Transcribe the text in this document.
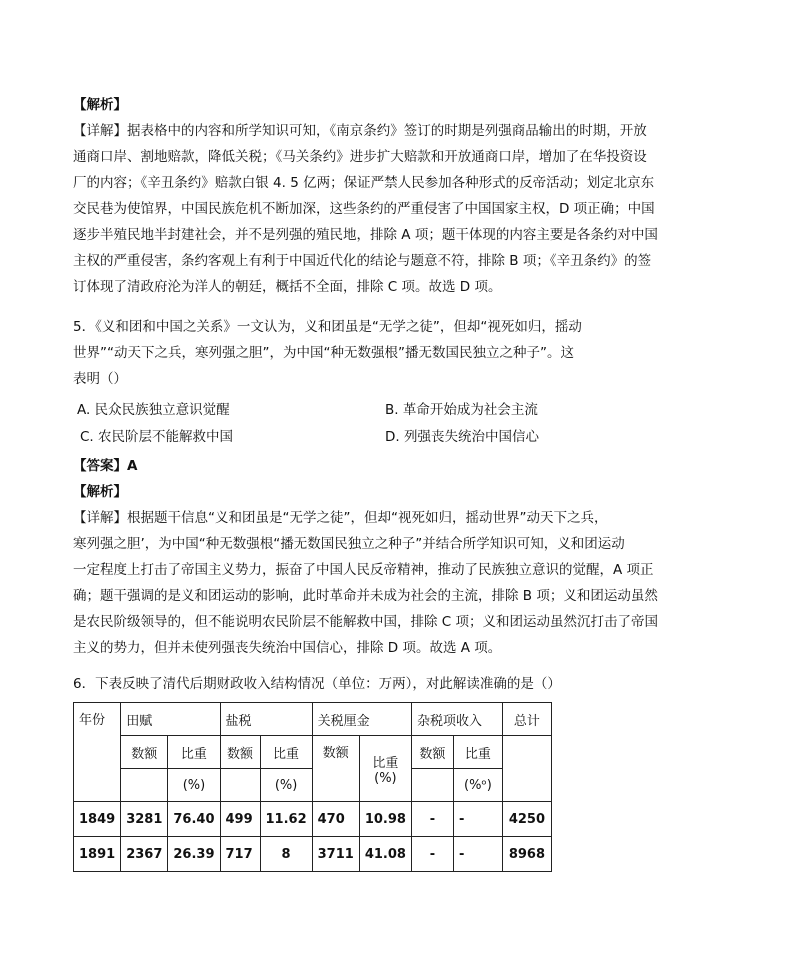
【解析】
【详解】据表格中的内容和所学知识可知，《南京条约》签订的时期是列强商品输出的时期，开放
通商口岸、割地赔款，降低关税；《马关条约》进步扩大赔款和开放通商口岸，增加了在华投资设
厂的内容；《辛丑条约》赔款白银 4. 5 亿两；保证严禁人民参加各种形式的反帝活动；划定北京东
交民巷为使馆界，中国民族危机不断加深，这些条约的严重侵害了中国国家主权，D 项正确；中国
逐步半殖民地半封建社会，并不是列强的殖民地，排除 A 项；题干体现的内容主要是各条约对中国
主权的严重侵害，条约客观上有利于中国近代化的结论与题意不符，排除 B 项；《辛丑条约》的签
订体现了清政府沦为洋人的朝廷，概括不全面，排除 C 项。故选 D 项。
5．《义和团和中国之关系》一文认为，义和团虽是“无学之徒”，但却“视死如归，摇动
世界”“动天下之兵，寒列强之胆”，为中国“种无数强根”播无数国民独立之种子”。这
表明（）
A. 民众民族独立意识觉醒	B. 革命开始成为社会主流
C. 农民阶层不能解救中国	D. 列强丧失统治中国信心
【答案】A
【解析】
【详解】根据题干信息“义和团虽是“无学之徒”，但却“视死如归，摇动世界”动天下之兵，
寒列强之胆’，为中国“种无数强根“播无数国民独立之种子”并结合所学知识可知，义和团运动
一定程度上打击了帝国主义势力，振奋了中国人民反帝精神，推动了民族独立意识的觉醒，A 项正
确；题干强调的是义和团运动的影响，此时革命并未成为社会的主流，排除 B 项；义和团运动虽然
是农民阶级领导的，但不能说明农民阶层不能解救中国，排除 C 项；义和团运动虽然沉打击了帝国
主义的势力，但并未使列强丧失统治中国信心，排除 D 项。故选 A 项。
6．下表反映了清代后期财政收入结构情况（单位：万两），对此解读准确的是（）
年份	田赋		盐税		关税厘金		杂税项收入		总计
	数额	比重	数额	比重	数额	比重(%)	数额	比重	
		(%)		(%)				(%ᵒ)	
1849	3281	76.40	499	11.62	470	10.98	-	-	4250
1891	2367	26.39	717	8	3711	41.08	-	-	8968
